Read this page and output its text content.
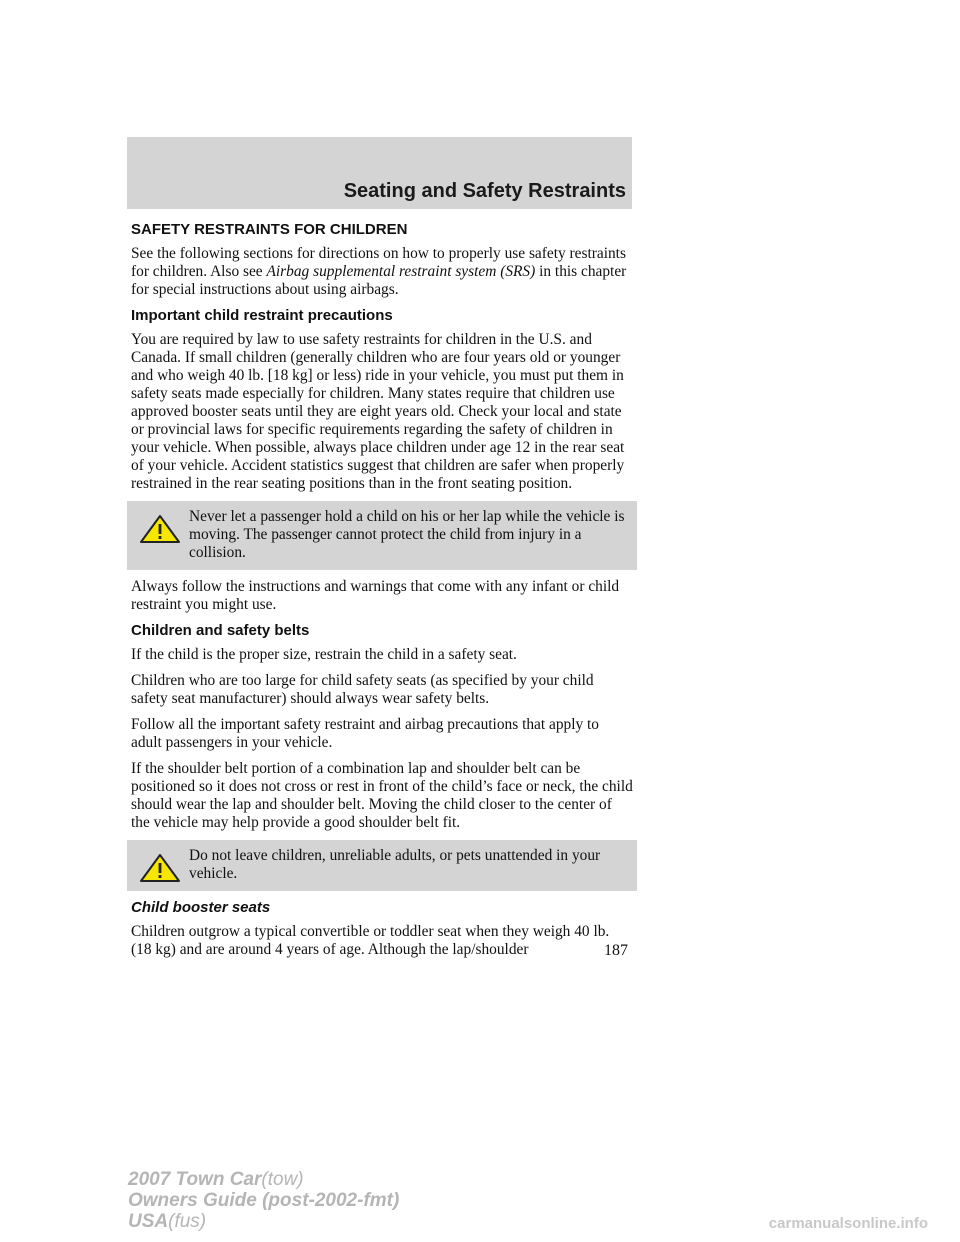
Seating and Safety Restraints
SAFETY RESTRAINTS FOR CHILDREN

See the following sections for directions on how to properly use safety restraints for children. Also see Airbag supplemental restraint system (SRS) in this chapter for special instructions about using airbags.

Important child restraint precautions

You are required by law to use safety restraints for children in the U.S. and Canada. If small children (generally children who are four years old or younger and who weigh 40 lb. [18 kg] or less) ride in your vehicle, you must put them in safety seats made especially for children. Many states require that children use approved booster seats until they are eight years old. Check your local and state or provincial laws for specific requirements regarding the safety of children in your vehicle. When possible, always place children under age 12 in the rear seat of your vehicle. Accident statistics suggest that children are safer when properly restrained in the rear seating positions than in the front seating position.

Never let a passenger hold a child on his or her lap while the vehicle is moving. The passenger cannot protect the child from injury in a collision.

Always follow the instructions and warnings that come with any infant or child restraint you might use.

Children and safety belts

If the child is the proper size, restrain the child in a safety seat.

Children who are too large for child safety seats (as specified by your child safety seat manufacturer) should always wear safety belts.

Follow all the important safety restraint and airbag precautions that apply to adult passengers in your vehicle.

If the shoulder belt portion of a combination lap and shoulder belt can be positioned so it does not cross or rest in front of the child’s face or neck, the child should wear the lap and shoulder belt. Moving the child closer to the center of the vehicle may help provide a good shoulder belt fit.

Do not leave children, unreliable adults, or pets unattended in your vehicle.

Child booster seats

Children outgrow a typical convertible or toddler seat when they weigh 40 lb. (18 kg) and are around 4 years of age. Although the lap/shoulder	187
2007 Town Car(tow)
Owners Guide (post-2002-fmt)
USA(fus)	carmanualsonline.info
